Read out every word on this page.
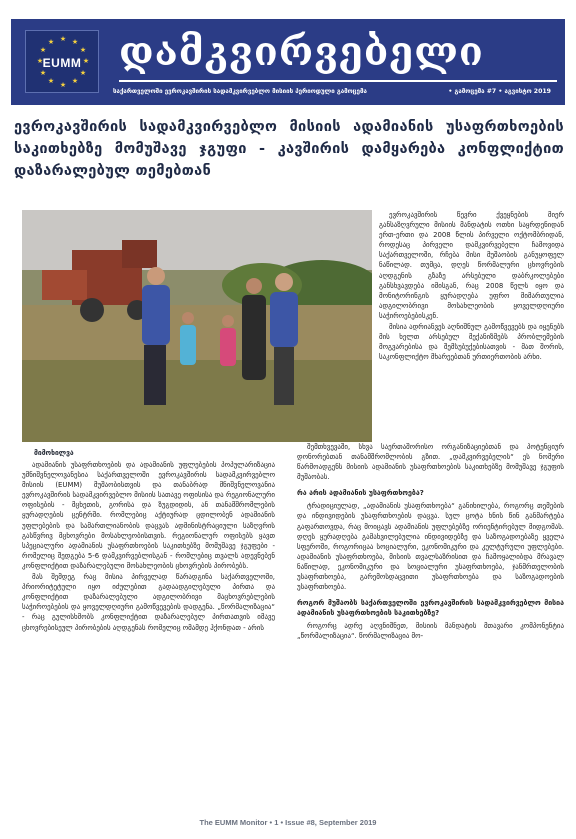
★ ★
★
★
★
★
★
★
★
★
★
★
EUMM დამკვირვებელი
საქართველოში ევროკავშირის სადამკვირვებლო მისიის პერიოდული გამოცემა	• გამოცემა #7 • აგვისტო 2019
ევროკავშირის სადამკვირვებლო მისიის ადამიანის უსაფრთხოების საკითხებზე მომუშავე ჯგუფი - კავშირის დამყარება კონფლიქტით დაზარალებულ თემებთან
მიმოხილვა

ევროკავშირის წევრი ქვეყნების მიერ განსაზღვრული მისიის მანდატის ოთხი საყრდენიდან ერთ-ერთი და 2008 წლის პირველი ოქტომბრიდან, როდესაც პირველი დამკვირვებელი ჩამოვიდა საქართველოში, რჩება მისი მუშაობის განუყოფელ ნაწილად. თუმცა, დღეს წორმალური ცხოვრების აღდგენის გზაზე არსებული დაბრკოლებები განსხვავდება იმისგან, რაც 2008 წელს იყო და მონიტორინგის ყურადღება უფრო მიმართულია ადგილობრივი მოსახლეობის ყოველდღიური საჭიროებებისკენ.

მისია ადრიანვეს აღნიშნულ გამოწვევებს და იყენებს მის ხელთ არსებულ მექანიზმებს პრობლემების მოგვარებისა და შემსუბუქებისათვის - მათ შორის, საკონფლიქტო მხარეებთან ურთიერთობის არხი.

ადამიანის უსაფრთხოების და ადამიანის უფლებების პოპულარიზაცია უმნიშვნელოვანესია საქართველოში ევროკავშირის სადამკვირვებლო მისიის (EUMM) მუშაობისთვის და თანაბრად მნიშვნელოვანია ევროკავშირის სადამკვირვებლო მისიის სათავე ოფისისა და რეგიონალური ოფისების - მცხეთის, გორისა და ზუგდიდის, ან თანამშრომლების ყურადღების ცენტრში. რომლებიც აქტიურად ცდილობენ ადამიანის უფლებების და სამართლიანობის დაცვას ადმინისტრაციული საზღვრის გასწვრივ მცხოვრები მოსახლეობისთვის. რეგიონალურ ოფისებს ყავთ სპეციალური ადამიანის უსაფრთხოების საკითხებზე მომუშავე ჯგუფები - რომელიც შედგება 5-6 დამკვირვებლისგან - რომლებიც თვალს ადევნებენ კონფლიქტით დაზარალებული მოსახლეობის ცხოვრების პირობებს.

მას შემდეგ რაც მისია პირველად წარადგინა საქართველოში, პრიორიტეტული იყო იძულებით გადაადგილებული პირთა და კონფლიქტით დაზარალებული ადგილობრივი მაცხოვრებლების საჭიროებების და ყოველდღიური გამოწვევების დადგენა. „წორმალიზაცია“ - რაც გულისხმობს კონფლიქტით დაზარალებულ პირთათვის იმავე ცხოვრებისეულ პირობების აღდგენას რომელიც ომამდე ჰქონდათ - არის

შემთხვევაში, სხვა საერთაშორისო ორგანიზაციებთან და პოტენციურ დონორებთან თანამშრომლობის გზით. „დამკვირვებელის“ ეს ნომერი წარმოადგენს მისიის ადამიანის უსაფრთხოების საკითხებზე მომუშავე ჯგუფის მუშაობას.

რა არის ადამიანის უსაფრთხოება?

ტრადიციულად, „ადამიანის უსაფრთხოება“ განიხილება, როგორც თემების და ინდივიდების უსაფრთხოების დაცვა. სულ ცოტა ხნის წინ განმარტება გაფართოვდა, რაც მოიცავს ადამიანის უფლებებზე ორიენტირებულ მიდგომას. დღეს ყურადღება გამახვილებულია ინდივიდებზე და საზოგადოებაზე ყველა სფეროში, როგორიცაა სოციალური, ეკონომიკური და კულტურული უფლებები. ადამიანის უსაფრთხოება, მისიის თვალსაზრისით და ჩამოყალიბდა მრავალ ნაწილად, ეკონომიკური და სოციალური უსაფრთხოება, ჯანმრთელობის უსაფრთხოება, გარემოსდაცვითი უსაფრთხოება და საზოგადოების უსაფრთხოება.

როგორ მუშაობს საქართველოში ევროკავშირის სადამკვირვებლო მისია ადამიანის უსაფრთხოების საკითხებზე?

როგორც ადრე აღვნიშნეთ, მისიის მანდატის მთავარი კომპონენტია „წორმალიზაცია“. წორმალიზაცია მო-

The EUMM Monitor • 1 • Issue #8, September 2019
